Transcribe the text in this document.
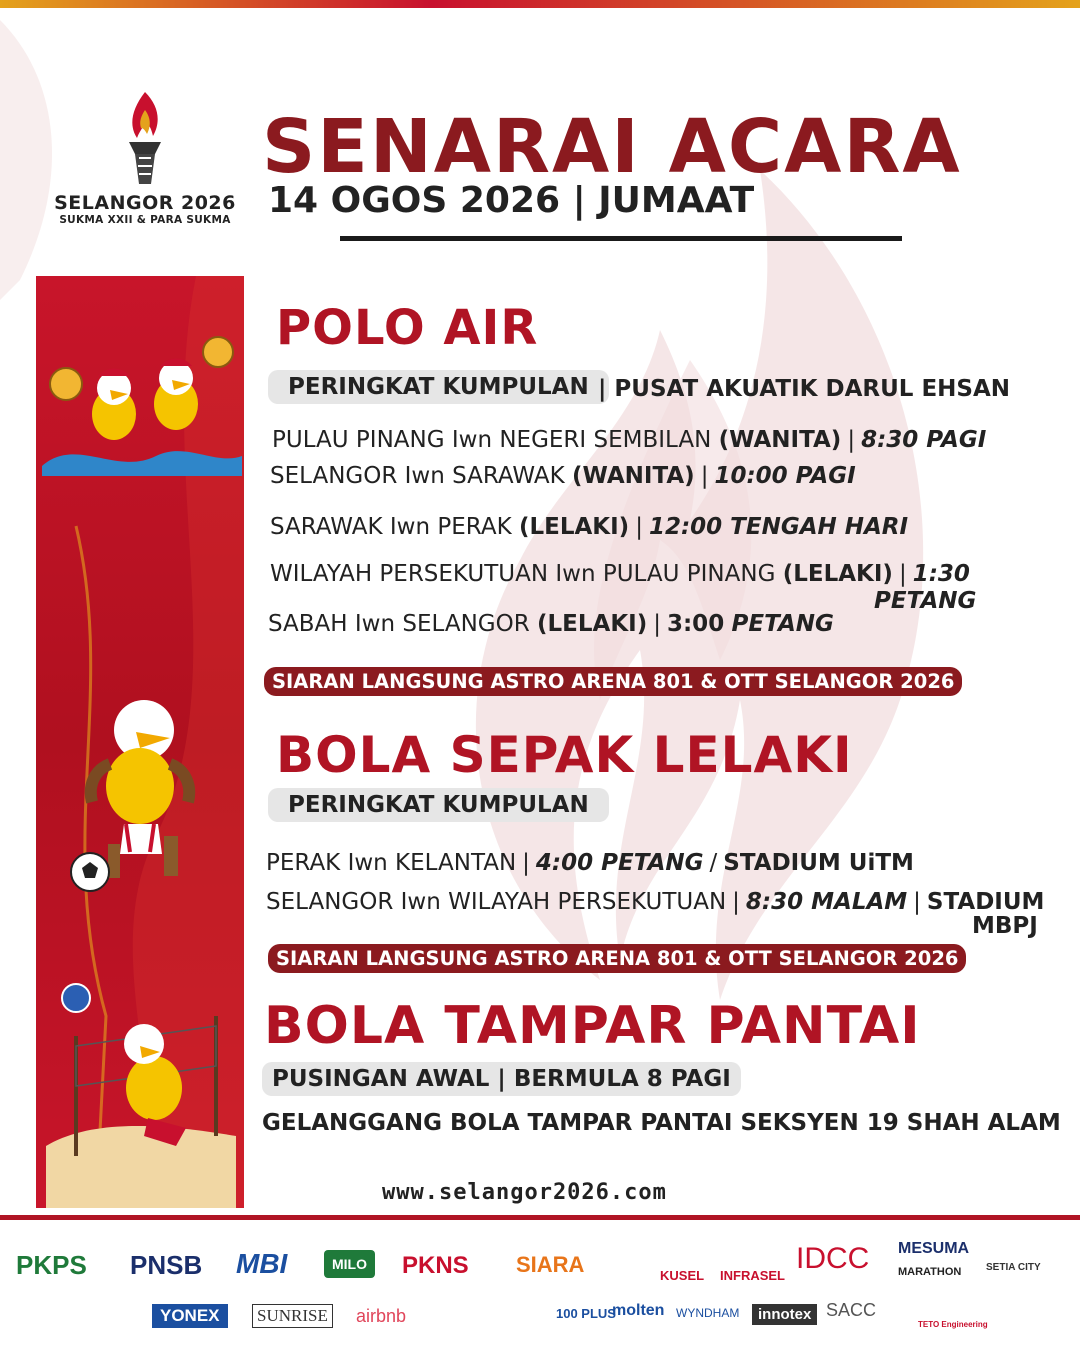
SELANGOR 2026
SUKMA XXII & PARA SUKMA
SENARAI ACARA
14 OGOS 2026 | JUMAAT
POLO AIR
PERINGKAT KUMPULAN | PUSAT AKUATIK DARUL EHSAN
PULAU PINANG Iwn NEGERI SEMBILAN (WANITA) | 8:30 PAGI
SELANGOR Iwn SARAWAK (WANITA) | 10:00 PAGI
SARAWAK Iwn PERAK (LELAKI) | 12:00 TENGAH HARI
WILAYAH PERSEKUTUAN Iwn PULAU PINANG (LELAKI) | 1:30
PETANG
SABAH Iwn SELANGOR (LELAKI) | 3:00 PETANG
SIARAN LANGSUNG ASTRO ARENA 801 & OTT SELANGOR 2026
BOLA SEPAK LELAKI
PERINGKAT KUMPULAN
PERAK Iwn KELANTAN | 4:00 PETANG / STADIUM UiTM
SELANGOR Iwn WILAYAH PERSEKUTUAN | 8:30 MALAM | STADIUM
MBPJ
SIARAN LANGSUNG ASTRO ARENA 801 & OTT SELANGOR 2026
BOLA TAMPAR PANTAI
PUSINGAN AWAL | BERMULA 8 PAGI
GELANGGANG BOLA TAMPAR PANTAI SEKSYEN 19 SHAH ALAM
www.selangor2026.com
PKPS PNSB MBI	MILO	PKNS SIARA	KUSEL INFRASEL
IDCC MESUMA
MARATHON SETIA CITY
YONEX	SUNRISE airbnb	100 PLUS
molten WYNDHAM	innotex SACC
TETO Engineering
